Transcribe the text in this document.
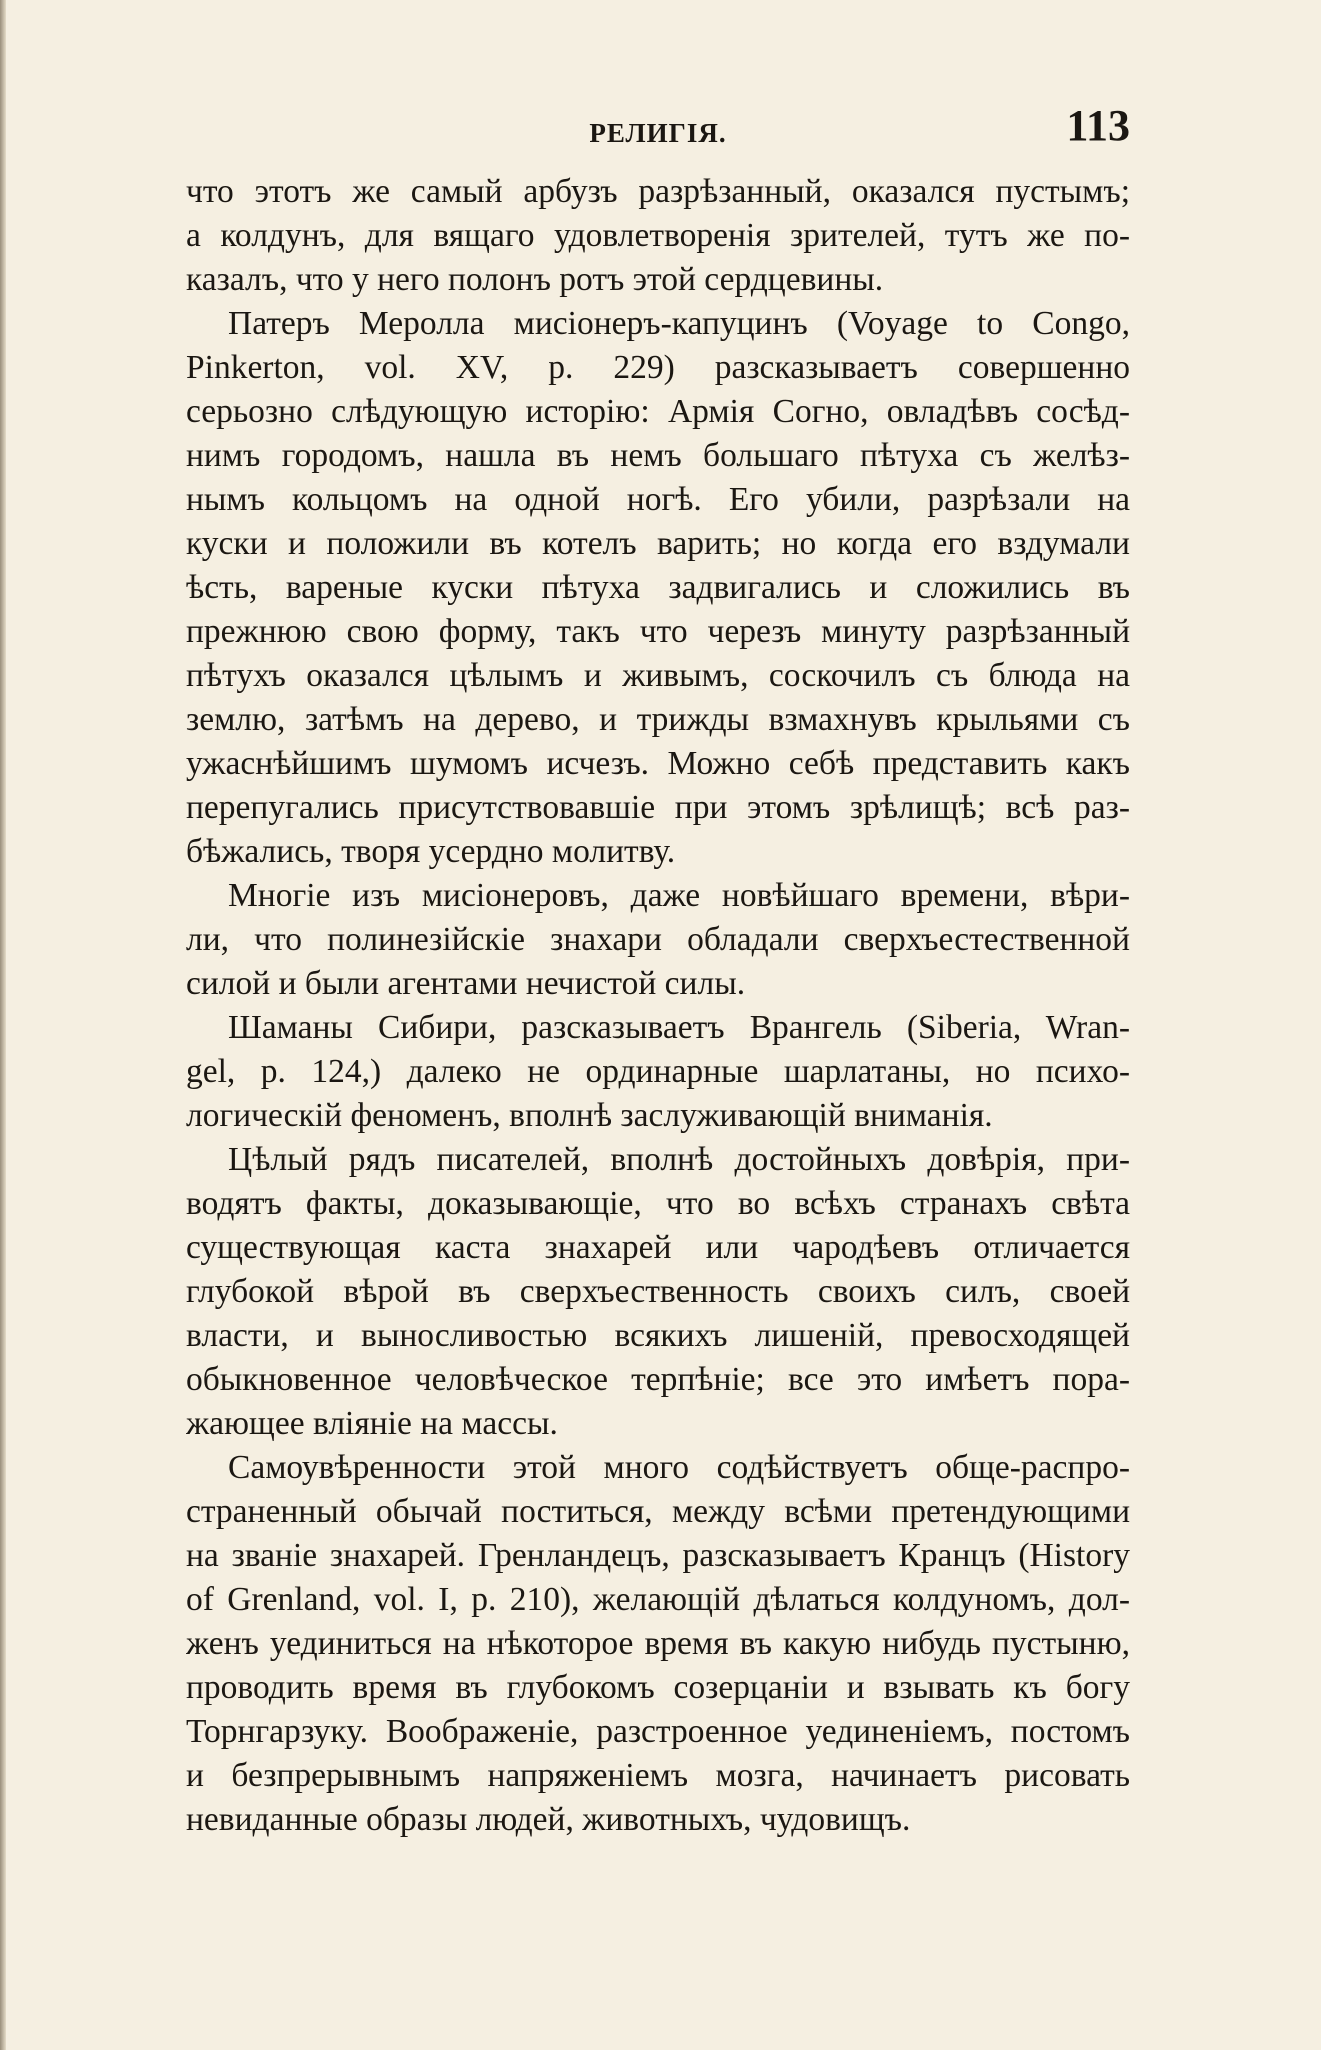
РЕЛИГІЯ.	113
что этотъ же самый арбузъ разрѣзанный, оказался пустымъ;
а колдунъ, для вящаго удовлетворенія зрителей, тутъ же по-
казалъ, что у него полонъ ротъ этой сердцевины.
Патеръ Меролла мисіонеръ-капуцинъ (Voyage to Congo,
Pinkerton, vol. XV, p. 229) разсказываетъ совершенно
серьозно слѣдующую исторію: Армія Согно, овладѣвъ сосѣд-
нимъ городомъ, нашла въ немъ большаго пѣтуха съ желѣз-
нымъ кольцомъ на одной ногѣ. Его убили, разрѣзали на
куски и положили въ котелъ варить; но когда его вздумали
ѣсть, вареные куски пѣтуха задвигались и сложились въ
прежнюю свою форму, такъ что черезъ минуту разрѣзанный
пѣтухъ оказался цѣлымъ и живымъ, соскочилъ съ блюда на
землю, затѣмъ на дерево, и трижды взмахнувъ крыльями съ
ужаснѣйшимъ шумомъ исчезъ. Можно себѣ представить какъ
перепугались присутствовавшіе при этомъ зрѣлищѣ; всѣ раз-
бѣжались, творя усердно молитву.
Многіе изъ мисіонеровъ, даже новѣйшаго времени, вѣри-
ли, что полинезійскіе знахари обладали сверхъестественной
силой и были агентами нечистой силы.
Шаманы Сибири, разсказываетъ Врангель (Siberia, Wran-
gel, p. 124,) далеко не ординарные шарлатаны, но психо-
логическій феноменъ, вполнѣ заслуживающій вниманія.
Цѣлый рядъ писателей, вполнѣ достойныхъ довѣрія, при-
водятъ факты, доказывающіе, что во всѣхъ странахъ свѣта
существующая каста знахарей или чародѣевъ отличается
глубокой вѣрой въ сверхъественность своихъ силъ, своей
власти, и выносливостью всякихъ лишеній, превосходящей
обыкновенное человѣческое терпѣніе; все это имѣетъ пора-
жающее вліяніе на массы.
Самоувѣренности этой много содѣйствуетъ обще-распро-
страненный обычай поститься, между всѣми претендующими
на званіе знахарей. Гренландецъ, разсказываетъ Кранцъ (History
of Grenland, vol. I, p. 210), желающій дѣлаться колдуномъ, дол-
женъ уединиться на нѣкоторое время въ какую нибудь пустыню,
проводить время въ глубокомъ созерцаніи и взывать къ богу
Торнгарзуку. Воображеніе, разстроенное уединеніемъ, постомъ
и безпрерывнымъ напряженіемъ мозга, начинаетъ рисовать
невиданные образы людей, животныхъ, чудовищъ.
